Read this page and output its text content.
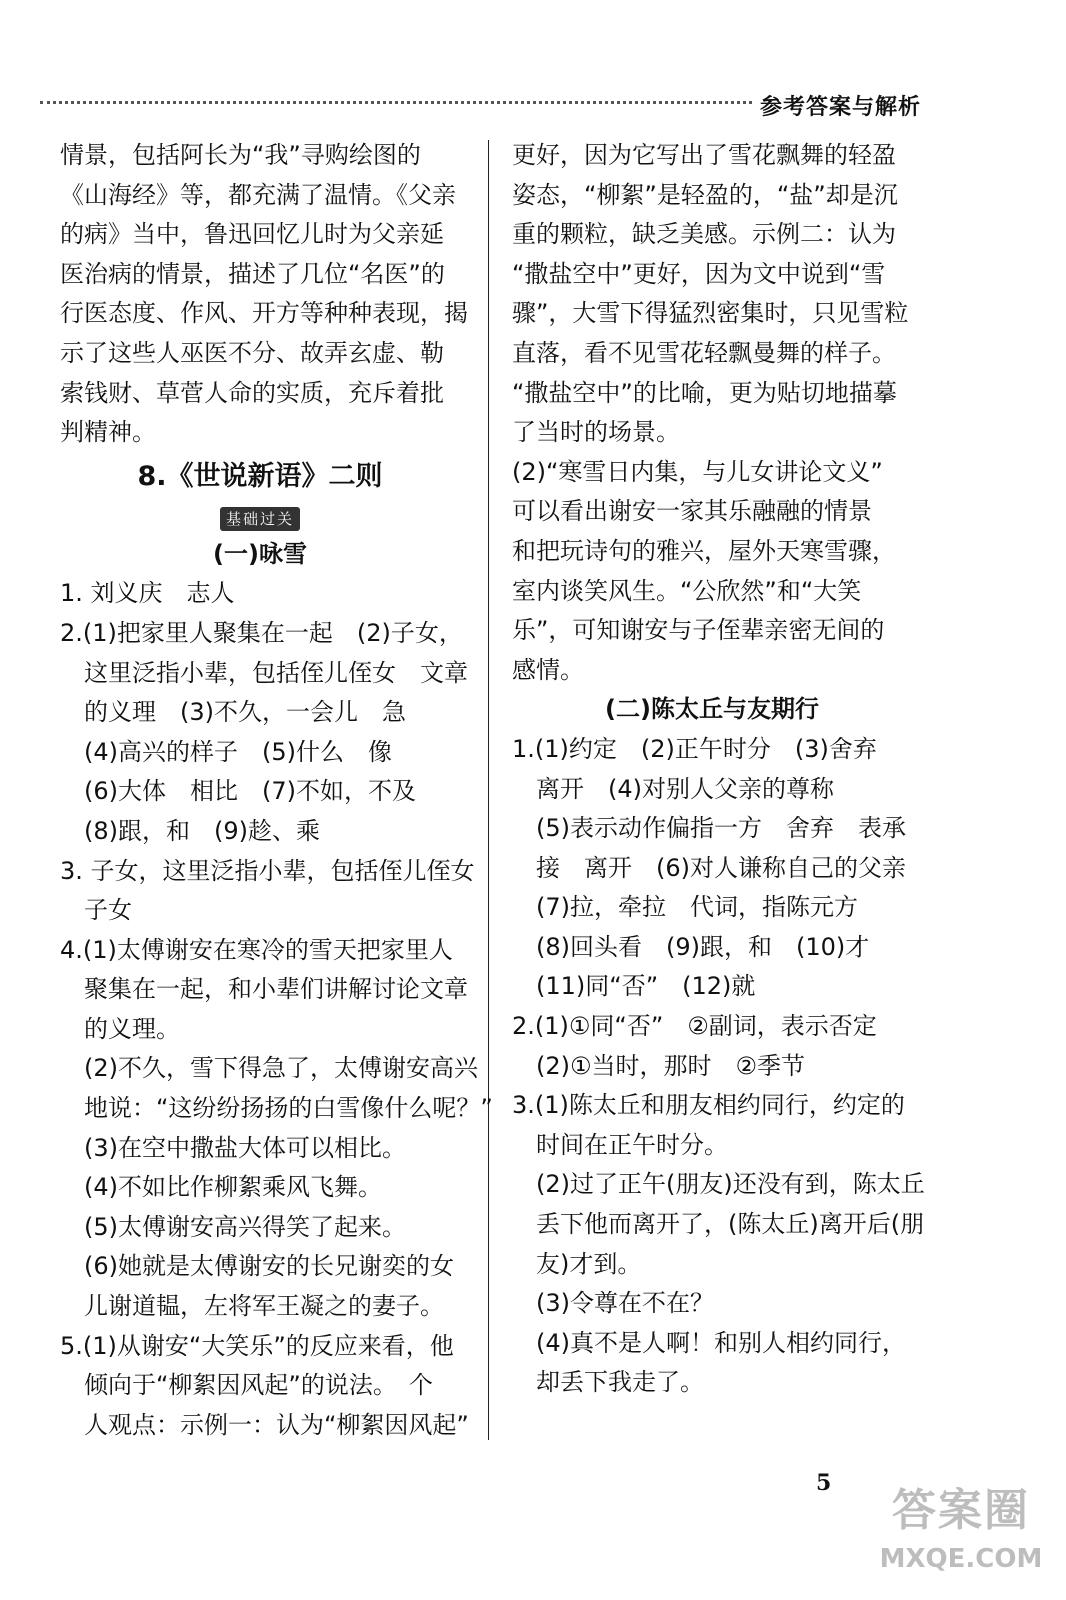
参考答案与解析
情景，包括阿长为“我”寻购绘图的
《山海经》等，都充满了温情。《父亲
的病》当中，鲁迅回忆儿时为父亲延
医治病的情景，描述了几位“名医”的
行医态度、作风、开方等种种表现，揭
示了这些人巫医不分、故弄玄虚、勒
索钱财、草菅人命的实质，充斥着批
判精神。
8.《世说新语》二则
基础过关
(一)咏雪
1. 刘义庆　志人
2.(1)把家里人聚集在一起　(2)子女，
　这里泛指小辈，包括侄儿侄女　文章
　的义理　(3)不久，一会儿　急
　(4)高兴的样子　(5)什么　像
　(6)大体　相比　(7)不如，不及
　(8)跟，和　(9)趁、乘
3. 子女，这里泛指小辈，包括侄儿侄女
　子女
4.(1)太傅谢安在寒冷的雪天把家里人
　聚集在一起，和小辈们讲解讨论文章
　的义理。
　(2)不久，雪下得急了，太傅谢安高兴
　地说：“这纷纷扬扬的白雪像什么呢？”
　(3)在空中撒盐大体可以相比。
　(4)不如比作柳絮乘风飞舞。
　(5)太傅谢安高兴得笑了起来。
　(6)她就是太傅谢安的长兄谢奕的女
　儿谢道韫，左将军王凝之的妻子。
5.(1)从谢安“大笑乐”的反应来看，他
　倾向于“柳絮因风起”的说法。　个
　人观点：示例一：认为“柳絮因风起”
更好，因为它写出了雪花飘舞的轻盈
姿态，“柳絮”是轻盈的，“盐”却是沉
重的颗粒，缺乏美感。示例二：认为
“撒盐空中”更好，因为文中说到“雪
骤”，大雪下得猛烈密集时，只见雪粒
直落，看不见雪花轻飘曼舞的样子。
“撒盐空中”的比喻，更为贴切地描摹
了当时的场景。
(2)“寒雪日内集，与儿女讲论文义”
可以看出谢安一家其乐融融的情景
和把玩诗句的雅兴，屋外天寒雪骤，
室内谈笑风生。“公欣然”和“大笑
乐”，可知谢安与子侄辈亲密无间的
感情。
(二)陈太丘与友期行
1.(1)约定　(2)正午时分　(3)舍弃
　离开　(4)对别人父亲的尊称
　(5)表示动作偏指一方　舍弃　表承
　接　离开　(6)对人谦称自己的父亲
　(7)拉，牵拉　代词，指陈元方
　(8)回头看　(9)跟，和　(10)才
　(11)同“否”　(12)就
2.(1)①同“否”　②副词，表示否定
　(2)①当时，那时　②季节
3.(1)陈太丘和朋友相约同行，约定的
　时间在正午时分。
　(2)过了正午(朋友)还没有到，陈太丘
　丢下他而离开了，(陈太丘)离开后(朋
　友)才到。
　(3)令尊在不在？
　(4)真不是人啊！和别人相约同行，
　却丢下我走了。
5
答案圈
MXQE.COM
